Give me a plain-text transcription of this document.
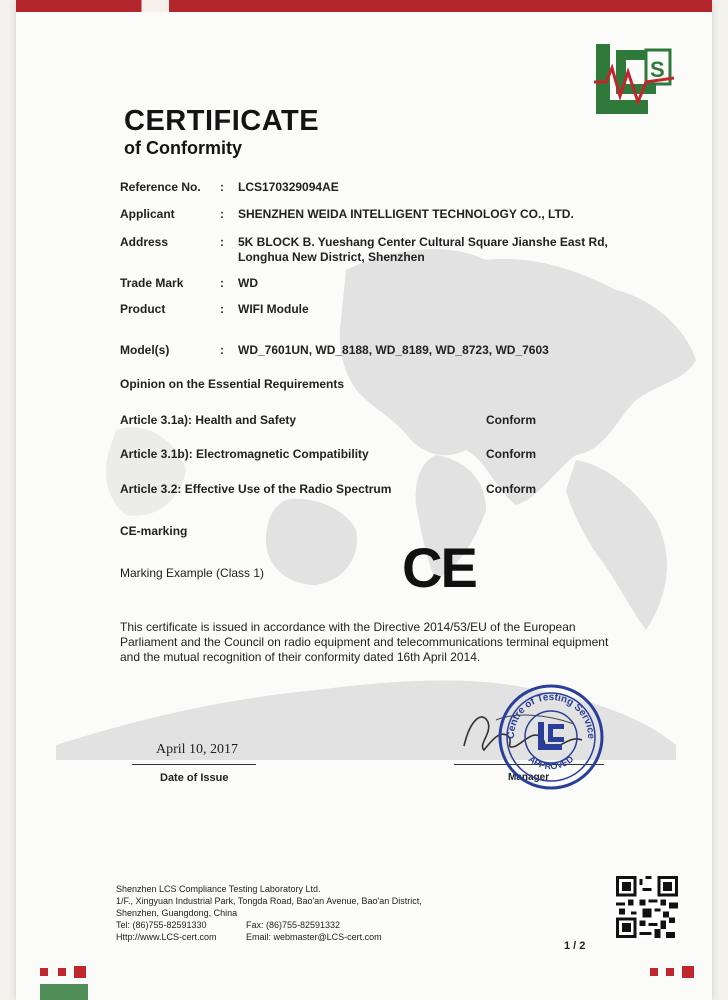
S
CERTIFICATE
of Conformity
Reference No. : LCS170329094AE
Applicant	: SHENZHEN WEIDA INTELLIGENT TECHNOLOGY CO., LTD.
Address	: 5K BLOCK B. Yueshang Center Cultural Square Jianshe East Rd,
Longhua New District, Shenzhen
Trade Mark	: WD
Product	: WIFI Module
Model(s)	: WD_7601UN, WD_8188, WD_8189, WD_8723, WD_7603
Opinion on the Essential Requirements
Article 3.1a): Health and Safety	Conform
Article 3.1b): Electromagnetic Compatibility	Conform
Article 3.2: Effective Use of the Radio Spectrum	Conform
CE-marking
Marking Example (Class 1) CE
This certificate is issued in accordance with the Directive 2014/53/EU of the European
Parliament and the Council on radio equipment and telecommunications terminal equipment
and the mutual recognition of their conformity dated 16th April 2014.
April 10, 2017
Date of Issue	Manager
Centre of Testing Service
APPROVED
Shenzhen LCS Compliance Testing Laboratory Ltd.
1/F., Xingyuan Industrial Park, Tongda Road, Bao'an Avenue, Bao'an District,
Shenzhen, Guangdong, China
Tel: (86)755-82591330	Fax: (86)755-82591332
Http://www.LCS-cert.com	Email: webmaster@LCS-cert.com
1 / 2
